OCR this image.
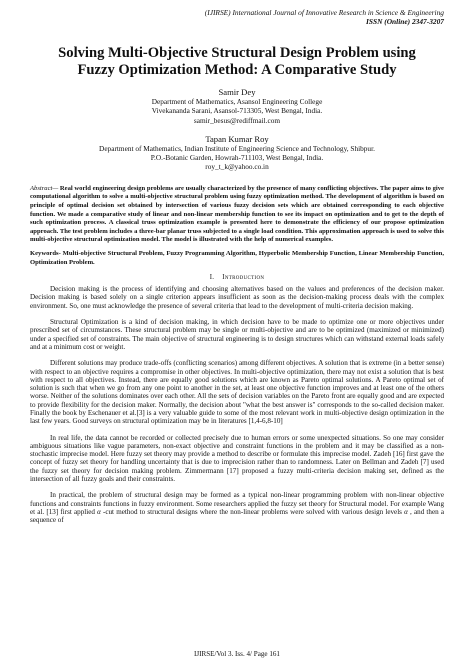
(IJIRSE) International Journal of Innovative Research in Science & Engineering
ISSN (Online) 2347-3207
Solving Multi-Objective Structural Design Problem using
Fuzzy Optimization Method: A Comparative Study
Samir Dey
Department of Mathematics, Asansol Engineering College
Vivekananda Sarani, Asansol-713305, West Bengal, India.
samir_besus@rediffmail.com
Tapan Kumar Roy
Department of Mathematics, Indian Institute of Engineering Science and Technology, Shibpur.
P.O.-Botanic Garden, Howrah-711103, West Bengal, India.
roy_t_k@yahoo.co.in
Abstract— Real world engineering design problems are usually characterized by the presence of many conflicting objectives. The paper aims to give computational algorithm to solve a multi-objective structural problem using fuzzy optimization method. The development of algorithm is based on principle of optimal decision set obtained by intersection of various fuzzy decision sets which are obtained corresponding to each objective function. We made a comparative study of linear and non-linear membership function to see its impact on optimization and to get to the depth of such optimization process. A classical truss optimization example is presented here to demonstrate the efficiency of our propose optimization approach. The test problem includes a three-bar planar truss subjected to a single load condition. This approximation approach is used to solve this multi-objective structural optimization model. The model is illustrated with the help of numerical examples.
Keywords- Multi-objective Structural Problem, Fuzzy Programming Algorithm, Hyperbolic Membership Function, Linear Membership Function, Optimization Problem.
I. Introduction

Decision making is the process of identifying and choosing alternatives based on the values and preferences of the decision maker. Decision making is based solely on a single criterion appears insufficient as soon as the decision-making process deals with the complex environment. So, one must acknowledge the presence of several criteria that lead to the development of multi-criteria decision making.

Structural Optimization is a kind of decision making, in which decision have to be made to optimize one or more objectives under prescribed set of circumstances. These structural problem may be single or multi-objective and are to be optimized (maximized or minimized) under a specified set of constraints. The main objective of structural engineering is to design structures which can withstand external loads safely and at a minimum cost or weight.

Different solutions may produce trade-offs (conflicting scenarios) among different objectives. A solution that is extreme (in a better sense) with respect to an objective requires a compromise in other objectives. In multi-objective optimization, there may not exist a solution that is best with respect to all objectives. Instead, there are equally good solutions which are known as Pareto optimal solutions. A Pareto optimal set of solution is such that when we go from any one point to another in the set, at least one objective function improves and at least one of the others worse. Neither of the solutions dominates over each other. All the sets of decision variables on the Pareto front are equally good and are expected to provide flexibility for the decision maker. Normally, the decision about "what the best answer is" corresponds to the so-called decision maker. Finally the book by Eschenauer et al.[3] is a very valuable guide to some of the most relevant work in multi-objective design optimization in the last few years. Good surveys on structural optimization may be in literatures [1,4-6,8-10]

In real life, the data cannot be recorded or collected precisely due to human errors or some unexpected situations. So one may consider ambiguous situations like vague parameters, non-exact objective and constraint functions in the problem and it may be classified as a non-stochastic imprecise model. Here fuzzy set theory may provide a method to describe or formulate this imprecise model. Zadeh [16] first gave the concept of fuzzy set theory for handling uncertainty that is due to imprecision rather than to randomness. Later on Bellman and Zadeh [7] used the fuzzy set theory for decision making problem. Zimmermann [17] proposed a fuzzy multi-criteria decision making set, defined as the intersection of all fuzzy goals and their constraints.

In practical, the problem of structural design may be formed as a typical non-linear programming problem with non-linear objective functions and constraints functions in fuzzy environment. Some researchers applied the fuzzy set theory for Structural model. For example Wang et al. [13] first applied α -cut method to structural designs where the non-linear problems were solved with various design levels α , and then a sequence of

IJIRSE/Vol 3. Iss. 4/ Page 161
